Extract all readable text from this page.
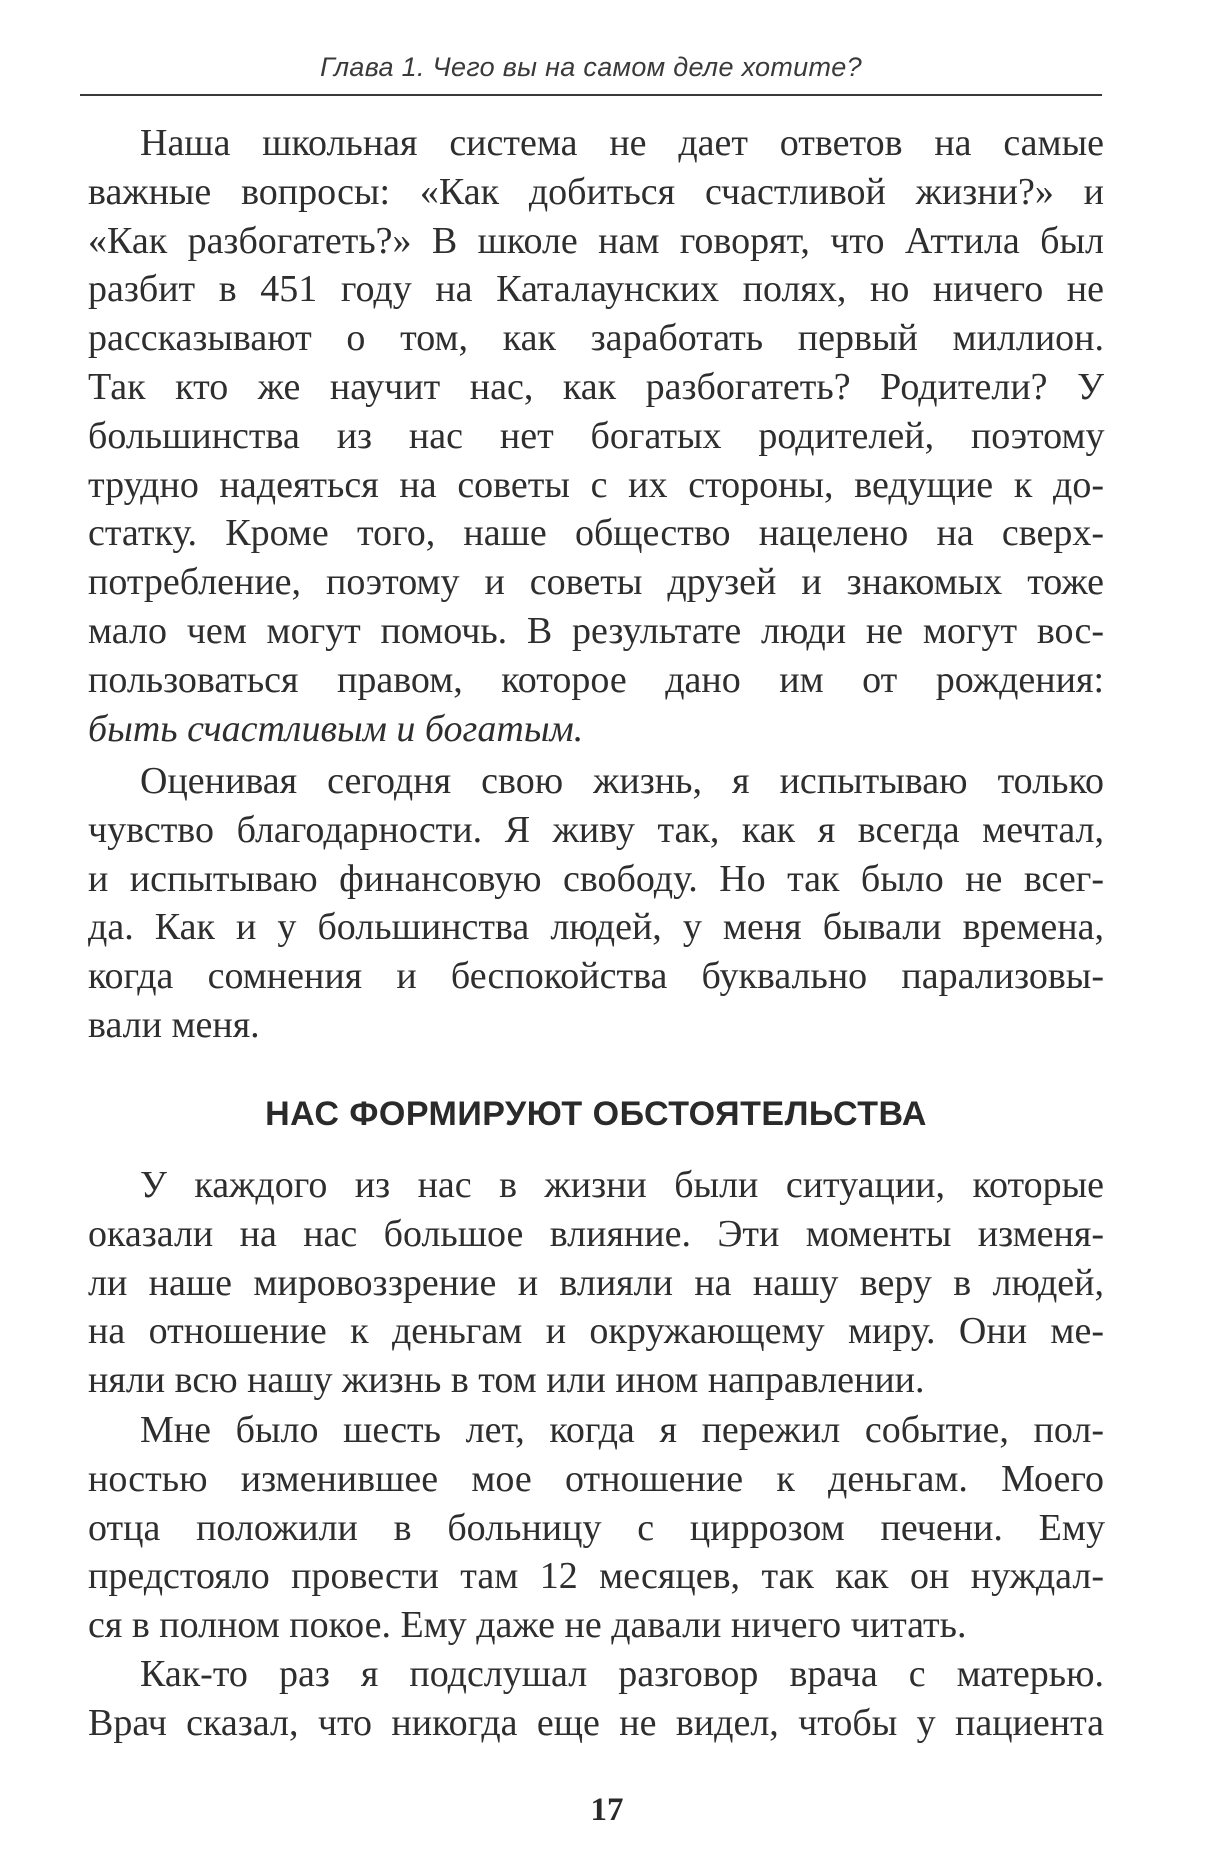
Глава 1. Чего вы на самом деле хотите?
Наша школьная система не дает ответов на самые
важные вопросы: «Как добиться счастливой жизни?» и
«Как разбогатеть?» В школе нам говорят, что Аттила был
разбит в 451 году на Каталаунских полях, но ничего не
рассказывают о том, как заработать первый миллион.
Так кто же научит нас, как разбогатеть? Родители? У
большинства из нас нет богатых родителей, поэтому
трудно надеяться на советы с их стороны, ведущие к до-
статку. Кроме того, наше общество нацелено на сверх-
потребление, поэтому и советы друзей и знакомых тоже
мало чем могут помочь. В результате люди не могут вос-
пользоваться правом, которое дано им от рождения:
быть счастливым и богатым.
Оценивая сегодня свою жизнь, я испытываю только
чувство благодарности. Я живу так, как я всегда мечтал,
и испытываю финансовую свободу. Но так было не всег-
да. Как и у большинства людей, у меня бывали времена,
когда сомнения и беспокойства буквально парализовы-
вали меня.
НАС ФОРМИРУЮТ ОБСТОЯТЕЛЬСТВА
У каждого из нас в жизни были ситуации, которые
оказали на нас большое влияние. Эти моменты изменя-
ли наше мировоззрение и влияли на нашу веру в людей,
на отношение к деньгам и окружающему миру. Они ме-
няли всю нашу жизнь в том или ином направлении.
Мне было шесть лет, когда я пережил событие, пол-
ностью изменившее мое отношение к деньгам. Моего
отца положили в больницу с циррозом печени. Ему
предстояло провести там 12 месяцев, так как он нуждал-
ся в полном покое. Ему даже не давали ничего читать.
Как-то раз я подслушал разговор врача с матерью.
Врач сказал, что никогда еще не видел, чтобы у пациента
17
